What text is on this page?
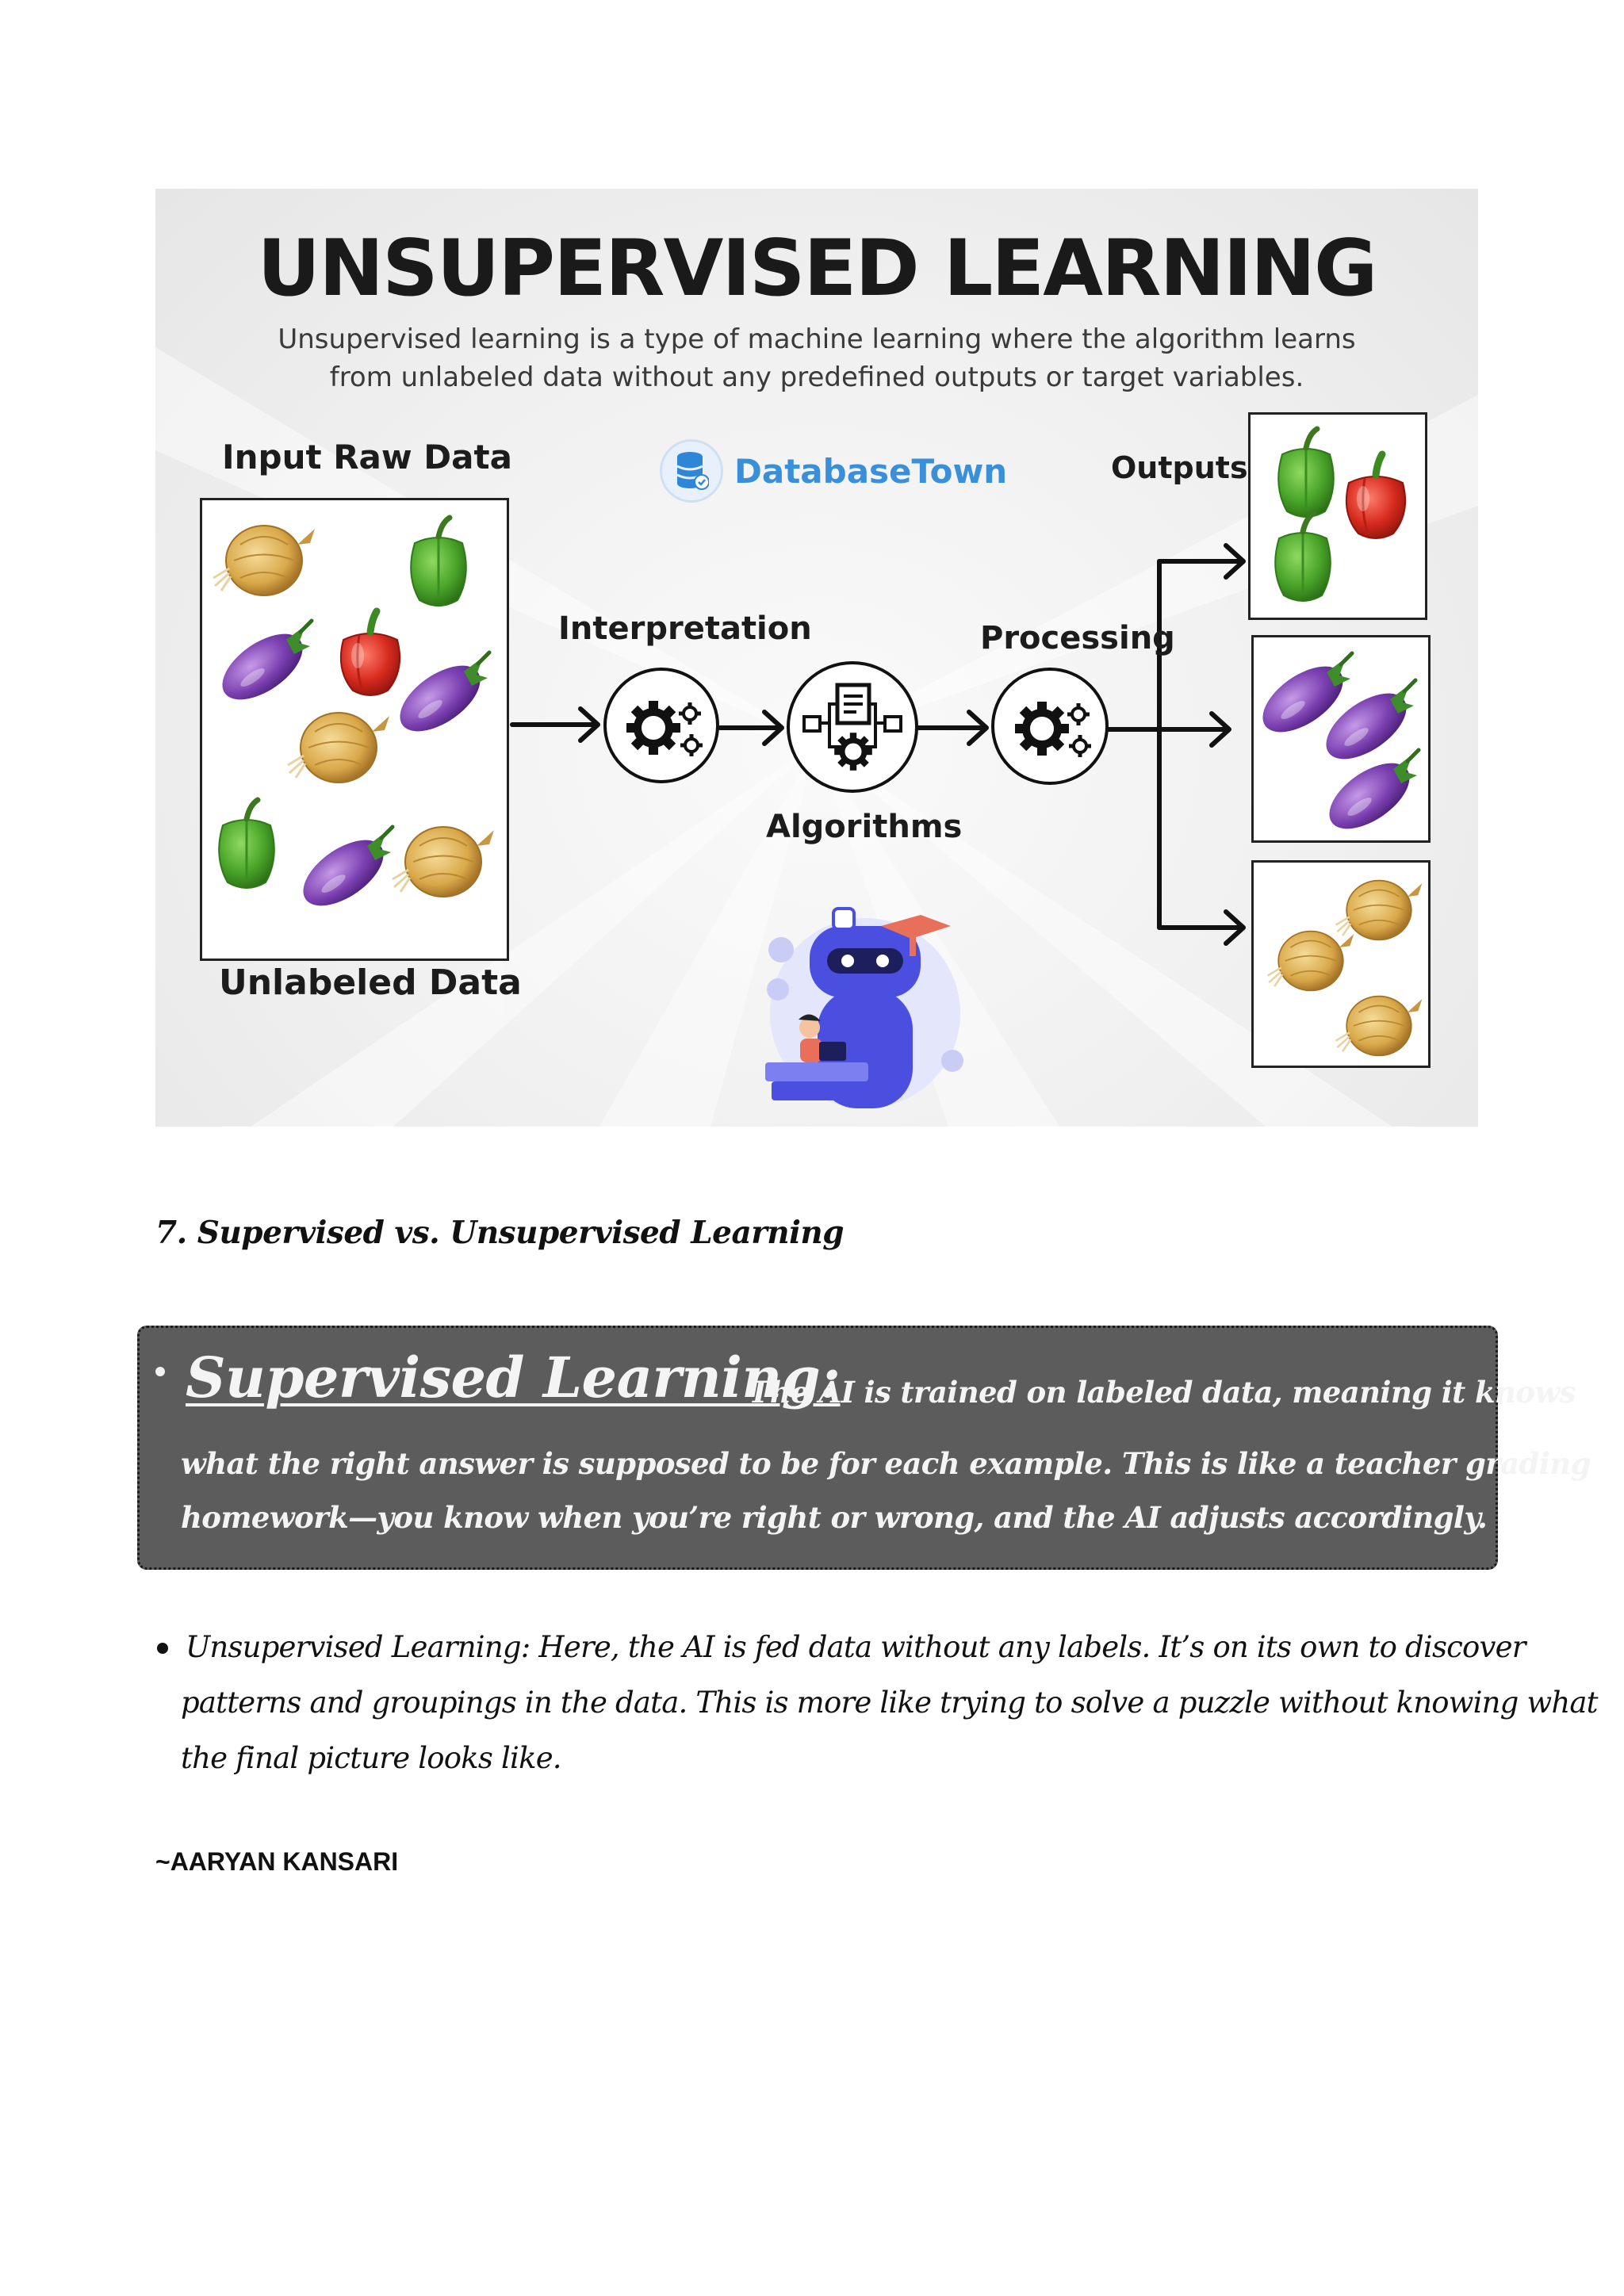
UNSUPERVISED LEARNING
Unsupervised learning is a type of machine learning where the algorithm learns
from unlabeled data without any predefined outputs or target variables.
Input Raw Data	DatabaseTown	Outputs
Unlabeled Data
Interpretation
Algorithms
Processing
7. Supervised vs. Unsupervised Learning
Supervised Learning:
The AI is trained on labeled data, meaning it knows
what the right answer is supposed to be for each example. This is like a teacher grading
homework—you know when you’re right or wrong, and the AI adjusts accordingly.
Unsupervised Learning: Here, the AI is fed data without any labels. It’s on its own to discover
patterns and groupings in the data. This is more like trying to solve a puzzle without knowing what
the final picture looks like.
~AARYAN KANSARI
